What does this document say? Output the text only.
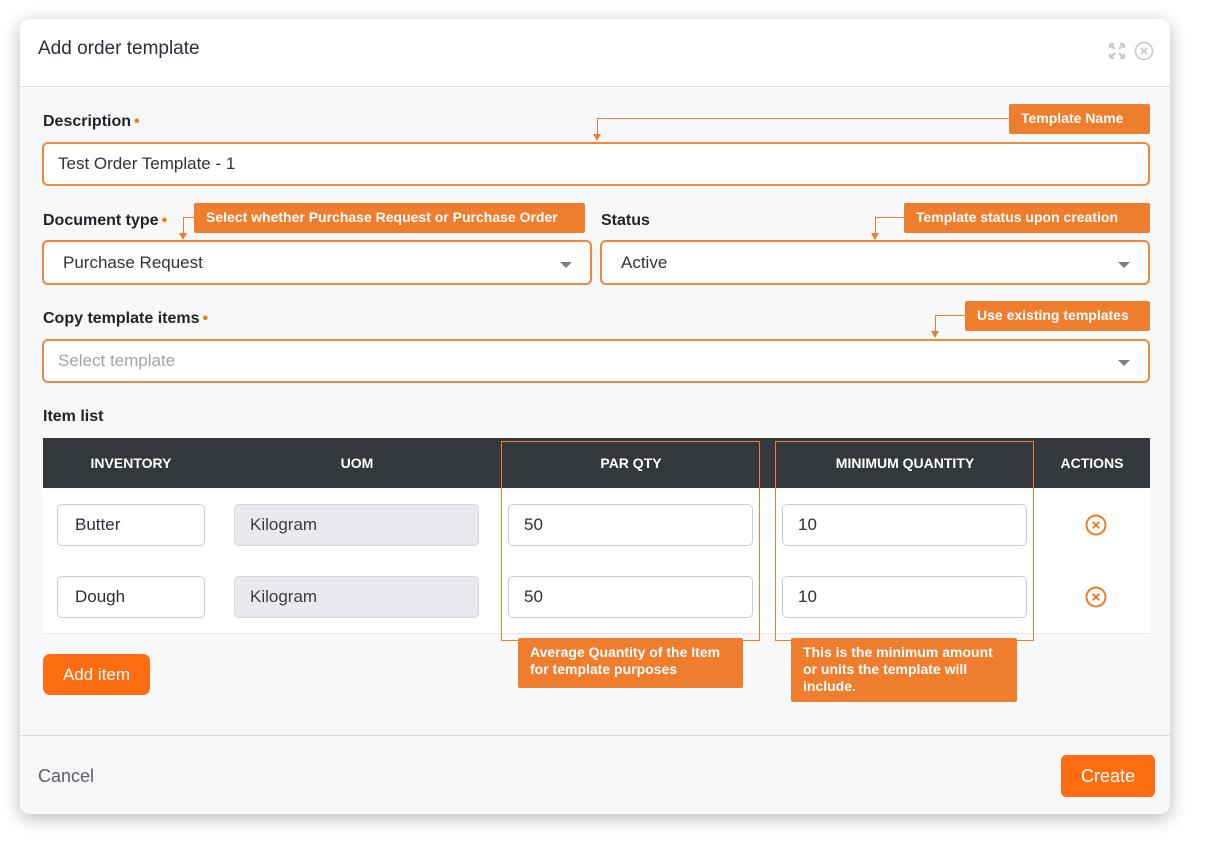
Add order template
Description •
Test Order Template - 1
Document type •
Purchase Request
Status
Active
Copy template items •
Select template
Item list
INVENTORY	UOM	PAR QTY	MINIMUM QUANTITY	ACTIONS
Butter	Kilogram	50	10
Dough	Kilogram	50	10
Add item
Template Name
Select whether Purchase Request or Purchase Order	Template status upon creation
Use existing templates
Average Quantity of the Item for template purposes
This is the minimum amount or units the template will include.
Cancel	Create
